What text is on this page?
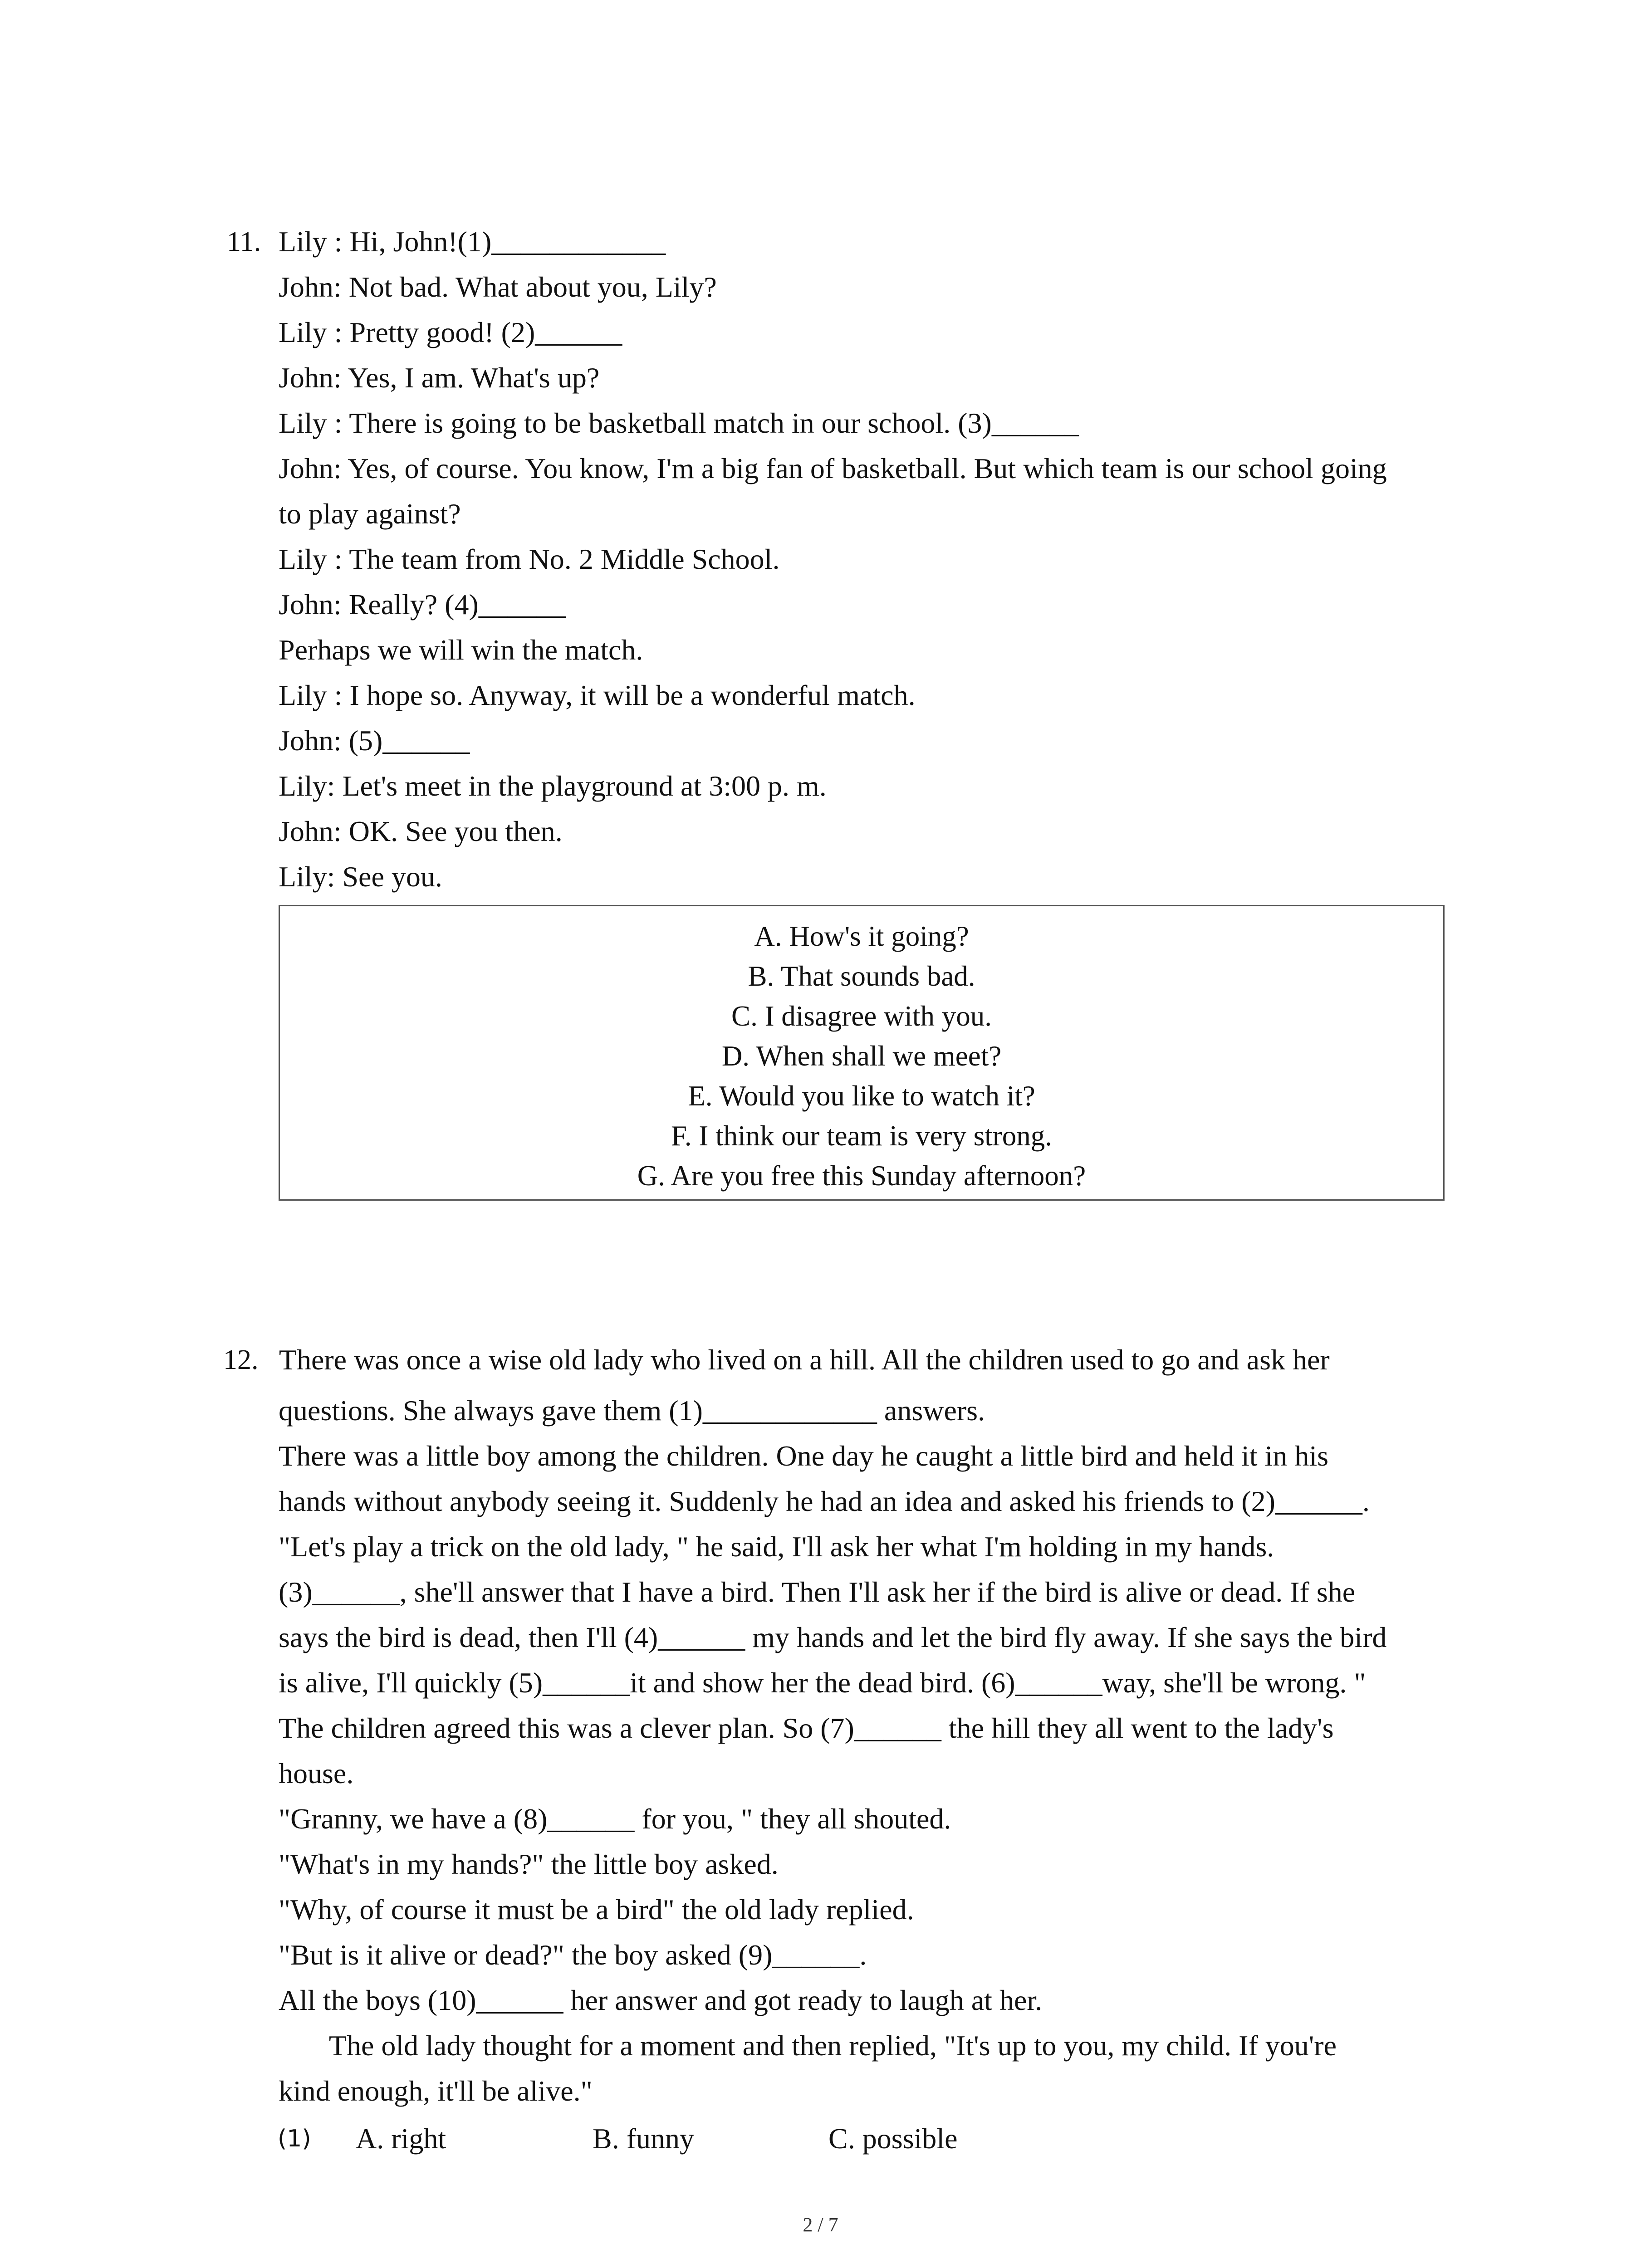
11. Lily : Hi, John!(1)____________
John: Not bad. What about you, Lily?
Lily : Pretty good! (2)______
John: Yes, I am. What's up?
Lily : There is going to be basketball match in our school. (3)______
John: Yes, of course. You know, I'm a big fan of basketball. But which team is our school going
to play against?
Lily : The team from No. 2 Middle School.
John: Really? (4)______
Perhaps we will win the match.
Lily : I hope so. Anyway, it will be a wonderful match.
John: (5)______
Lily: Let's meet in the playground at 3:00 p. m.
John: OK. See you then.
Lily: See you.
A. How's it going?
B. That sounds bad.
C. I disagree with you.
D. When shall we meet?
E. Would you like to watch it?
F. I think our team is very strong.
G. Are you free this Sunday afternoon?
12. There was once a wise old lady who lived on a hill. All the children used to go and ask her
questions. She always gave them (1)____________ answers.
There was a little boy among the children. One day he caught a little bird and held it in his
hands without anybody seeing it. Suddenly he had an idea and asked his friends to (2)______.
"Let's play a trick on the old lady, " he said, I'll ask her what I'm holding in my hands.
(3)______, she'll answer that I have a bird. Then I'll ask her if the bird is alive or dead. If she
says the bird is dead, then I'll (4)______ my hands and let the bird fly away. If she says the bird
is alive, I'll quickly (5)______it and show her the dead bird. (6)______way, she'll be wrong. "
The children agreed this was a clever plan. So (7)______ the hill they all went to the lady's
house.
"Granny, we have a (8)______ for you, " they all shouted.
"What's in my hands?" the little boy asked.
"Why, of course it must be a bird" the old lady replied.
"But is it alive or dead?" the boy asked (9)______.
All the boys (10)______ her answer and got ready to laugh at her.
The old lady thought for a moment and then replied, "It's up to you, my child. If you're
kind enough, it'll be alive."
(1) A. right	B. funny	C. possible
2 / 7
